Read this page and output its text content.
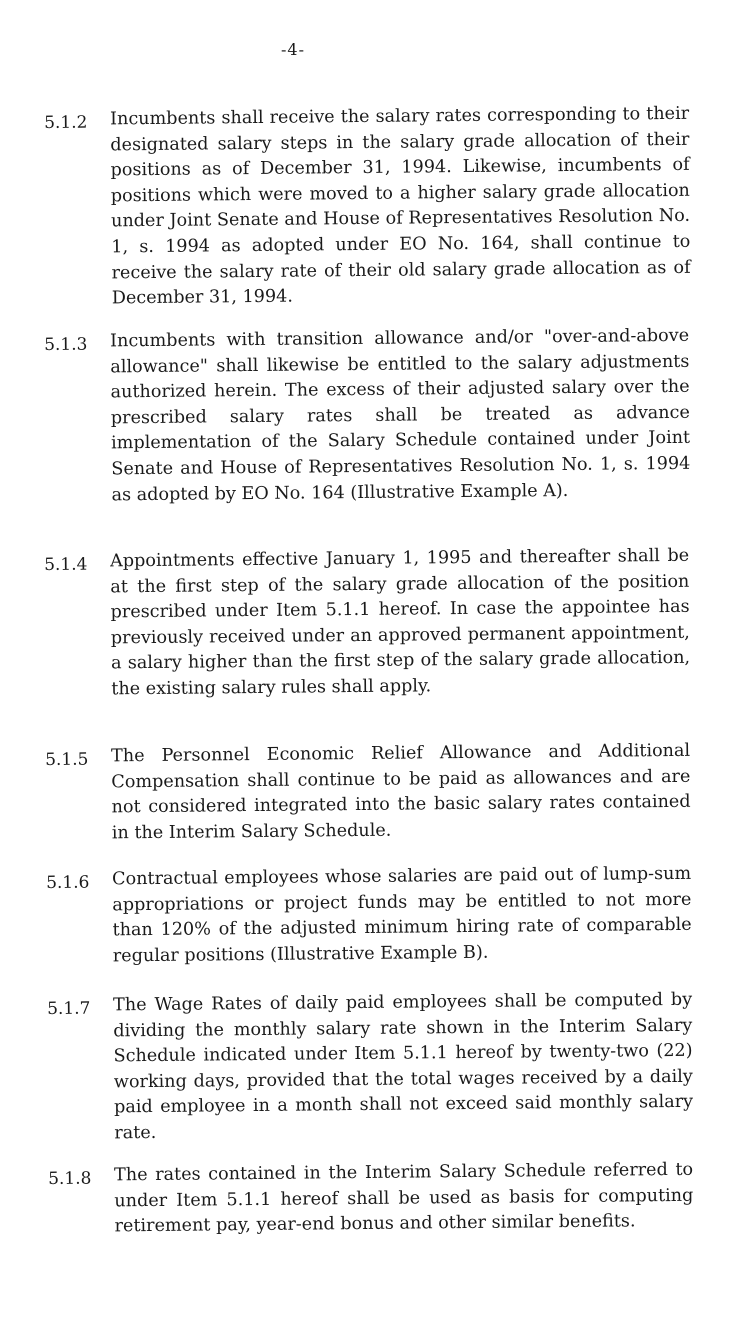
-4-
5.1.2	Incumbents shall receive the salary rates corresponding to their designated salary steps in the salary grade allocation of their positions as of December 31, 1994. Likewise, incumbents of positions which were moved to a higher salary grade allocation under Joint Senate and House of Representatives Resolution No. 1, s. 1994 as adopted under EO No. 164, shall continue to receive the salary rate of their old salary grade allocation as of December 31, 1994.
5.1.3	Incumbents with transition allowance and/or "over-and-above allowance" shall likewise be entitled to the salary adjustments authorized herein. The excess of their adjusted salary over the prescribed salary rates shall be treated as advance implementation of the Salary Schedule contained under Joint Senate and House of Representatives Resolution No. 1, s. 1994 as adopted by EO No. 164 (Illustrative Example A).
5.1.4	Appointments effective January 1, 1995 and thereafter shall be at the first step of the salary grade allocation of the position prescribed under Item 5.1.1 hereof. In case the appointee has previously received under an approved permanent appointment, a salary higher than the first step of the salary grade allocation, the existing salary rules shall apply.
5.1.5	The Personnel Economic Relief Allowance and Additional Compensation shall continue to be paid as allowances and are not considered integrated into the basic salary rates contained in the Interim Salary Schedule.
5.1.6	Contractual employees whose salaries are paid out of lump-sum appropriations or project funds may be entitled to not more than 120% of the adjusted minimum hiring rate of comparable regular positions (Illustrative Example B).
5.1.7	The Wage Rates of daily paid employees shall be computed by dividing the monthly salary rate shown in the Interim Salary Schedule indicated under Item 5.1.1 hereof by twenty-two (22) working days, provided that the total wages received by a daily paid employee in a month shall not exceed said monthly salary rate.
5.1.8	The rates contained in the Interim Salary Schedule referred to under Item 5.1.1 hereof shall be used as basis for computing retirement pay, year-end bonus and other similar benefits.
